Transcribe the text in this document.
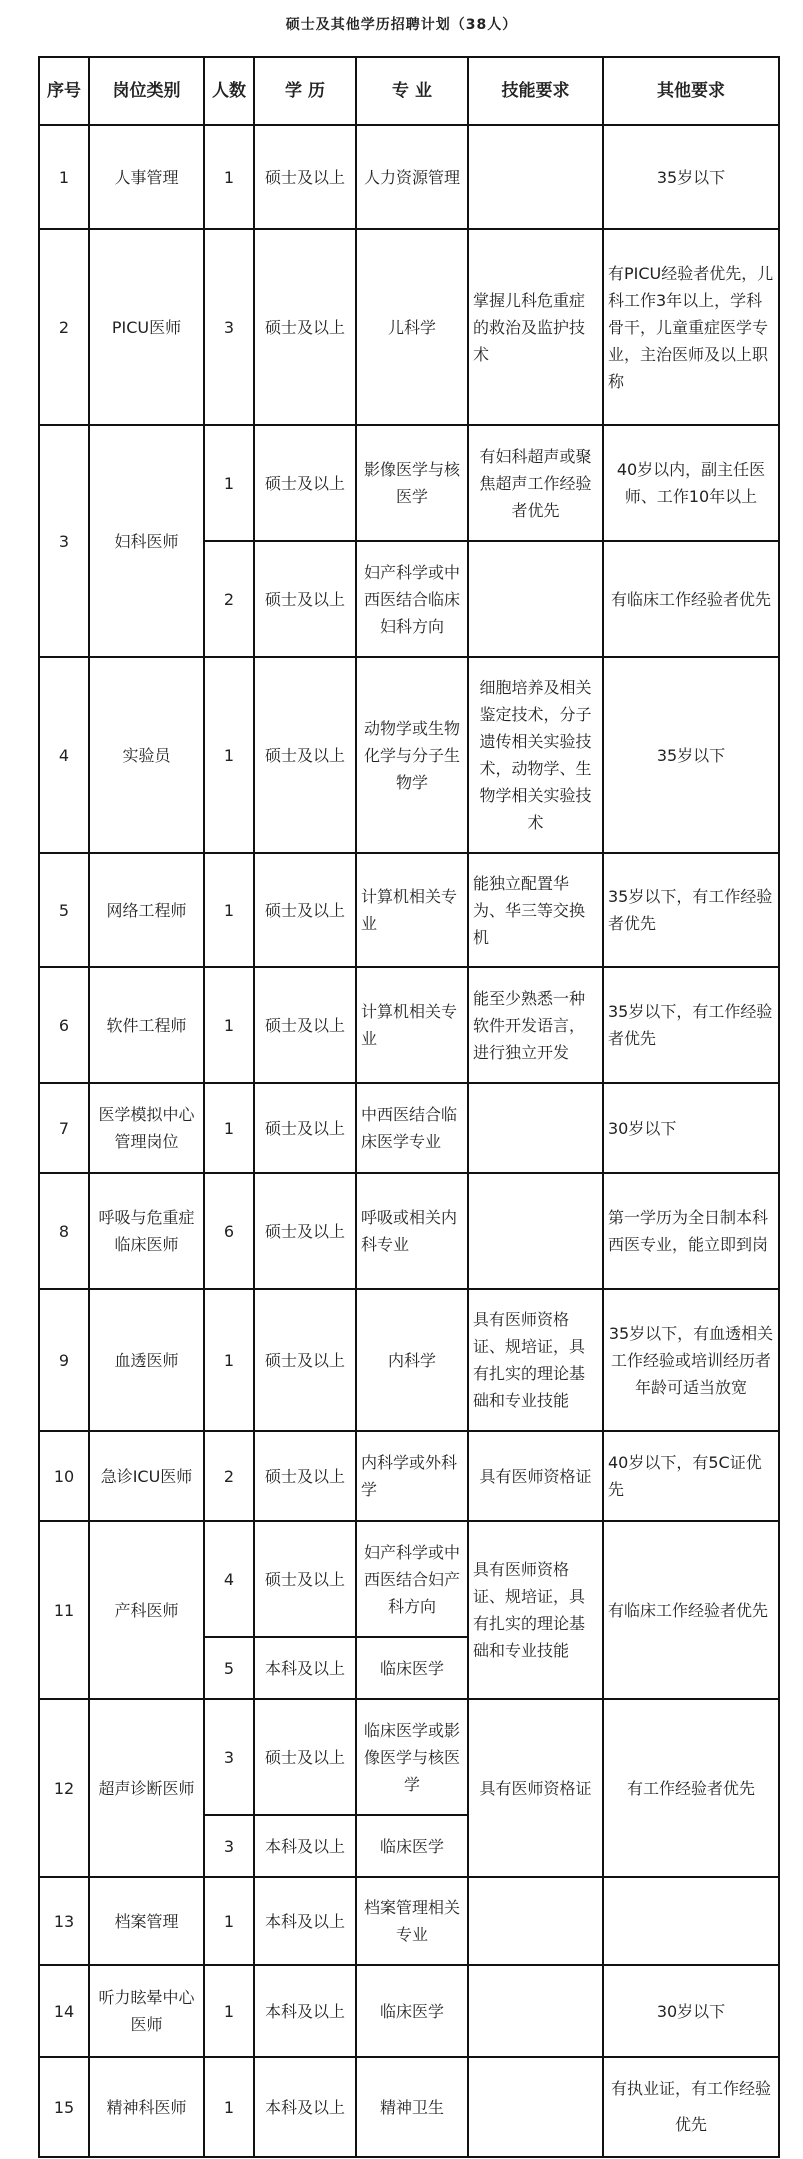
硕士及其他学历招聘计划（38人）
序号	岗位类别	人数	学 历	专 业	技能要求	其他要求
1	人事管理	1	硕士及以上	人力资源管理		35岁以下
2	PICU医师	3	硕士及以上	儿科学	掌握儿科危重症的救治及监护技术	有PICU经验者优先，儿科工作3年以上，学科骨干，儿童重症医学专业，主治医师及以上职称
3	妇科医师	1	硕士及以上	影像医学与核医学	有妇科超声或聚焦超声工作经验者优先	40岁以内，副主任医师、工作10年以上
		2	硕士及以上	妇产科学或中西医结合临床妇科方向		有临床工作经验者优先
4	实验员	1	硕士及以上	动物学或生物化学与分子生物学	细胞培养及相关鉴定技术，分子遗传相关实验技术，动物学、生物学相关实验技术	35岁以下
5	网络工程师	1	硕士及以上	计算机相关专业	能独立配置华为、华三等交换机	35岁以下，有工作经验者优先
6	软件工程师	1	硕士及以上	计算机相关专业	能至少熟悉一种软件开发语言，进行独立开发	35岁以下，有工作经验者优先
7	医学模拟中心管理岗位	1	硕士及以上	中西医结合临床医学专业		30岁以下
8	呼吸与危重症临床医师	6	硕士及以上	呼吸或相关内科专业		第一学历为全日制本科西医专业，能立即到岗
9	血透医师	1	硕士及以上	内科学	具有医师资格证、规培证，具有扎实的理论基础和专业技能	35岁以下，有血透相关工作经验或培训经历者年龄可适当放宽
10	急诊ICU医师	2	硕士及以上	内科学或外科学	具有医师资格证	40岁以下，有5C证优先
11	产科医师	4	硕士及以上	妇产科学或中西医结合妇产科方向	具有医师资格证、规培证，具有扎实的理论基础和专业技能	有临床工作经验者优先
		5	本科及以上	临床医学		
12	超声诊断医师	3	硕士及以上	临床医学或影像医学与核医学	具有医师资格证	有工作经验者优先
		3	本科及以上	临床医学		
13	档案管理	1	本科及以上	档案管理相关专业		
14	听力眩晕中心医师	1	本科及以上	临床医学		30岁以下
15	精神科医师	1	本科及以上	精神卫生		有执业证，有工作经验优先
